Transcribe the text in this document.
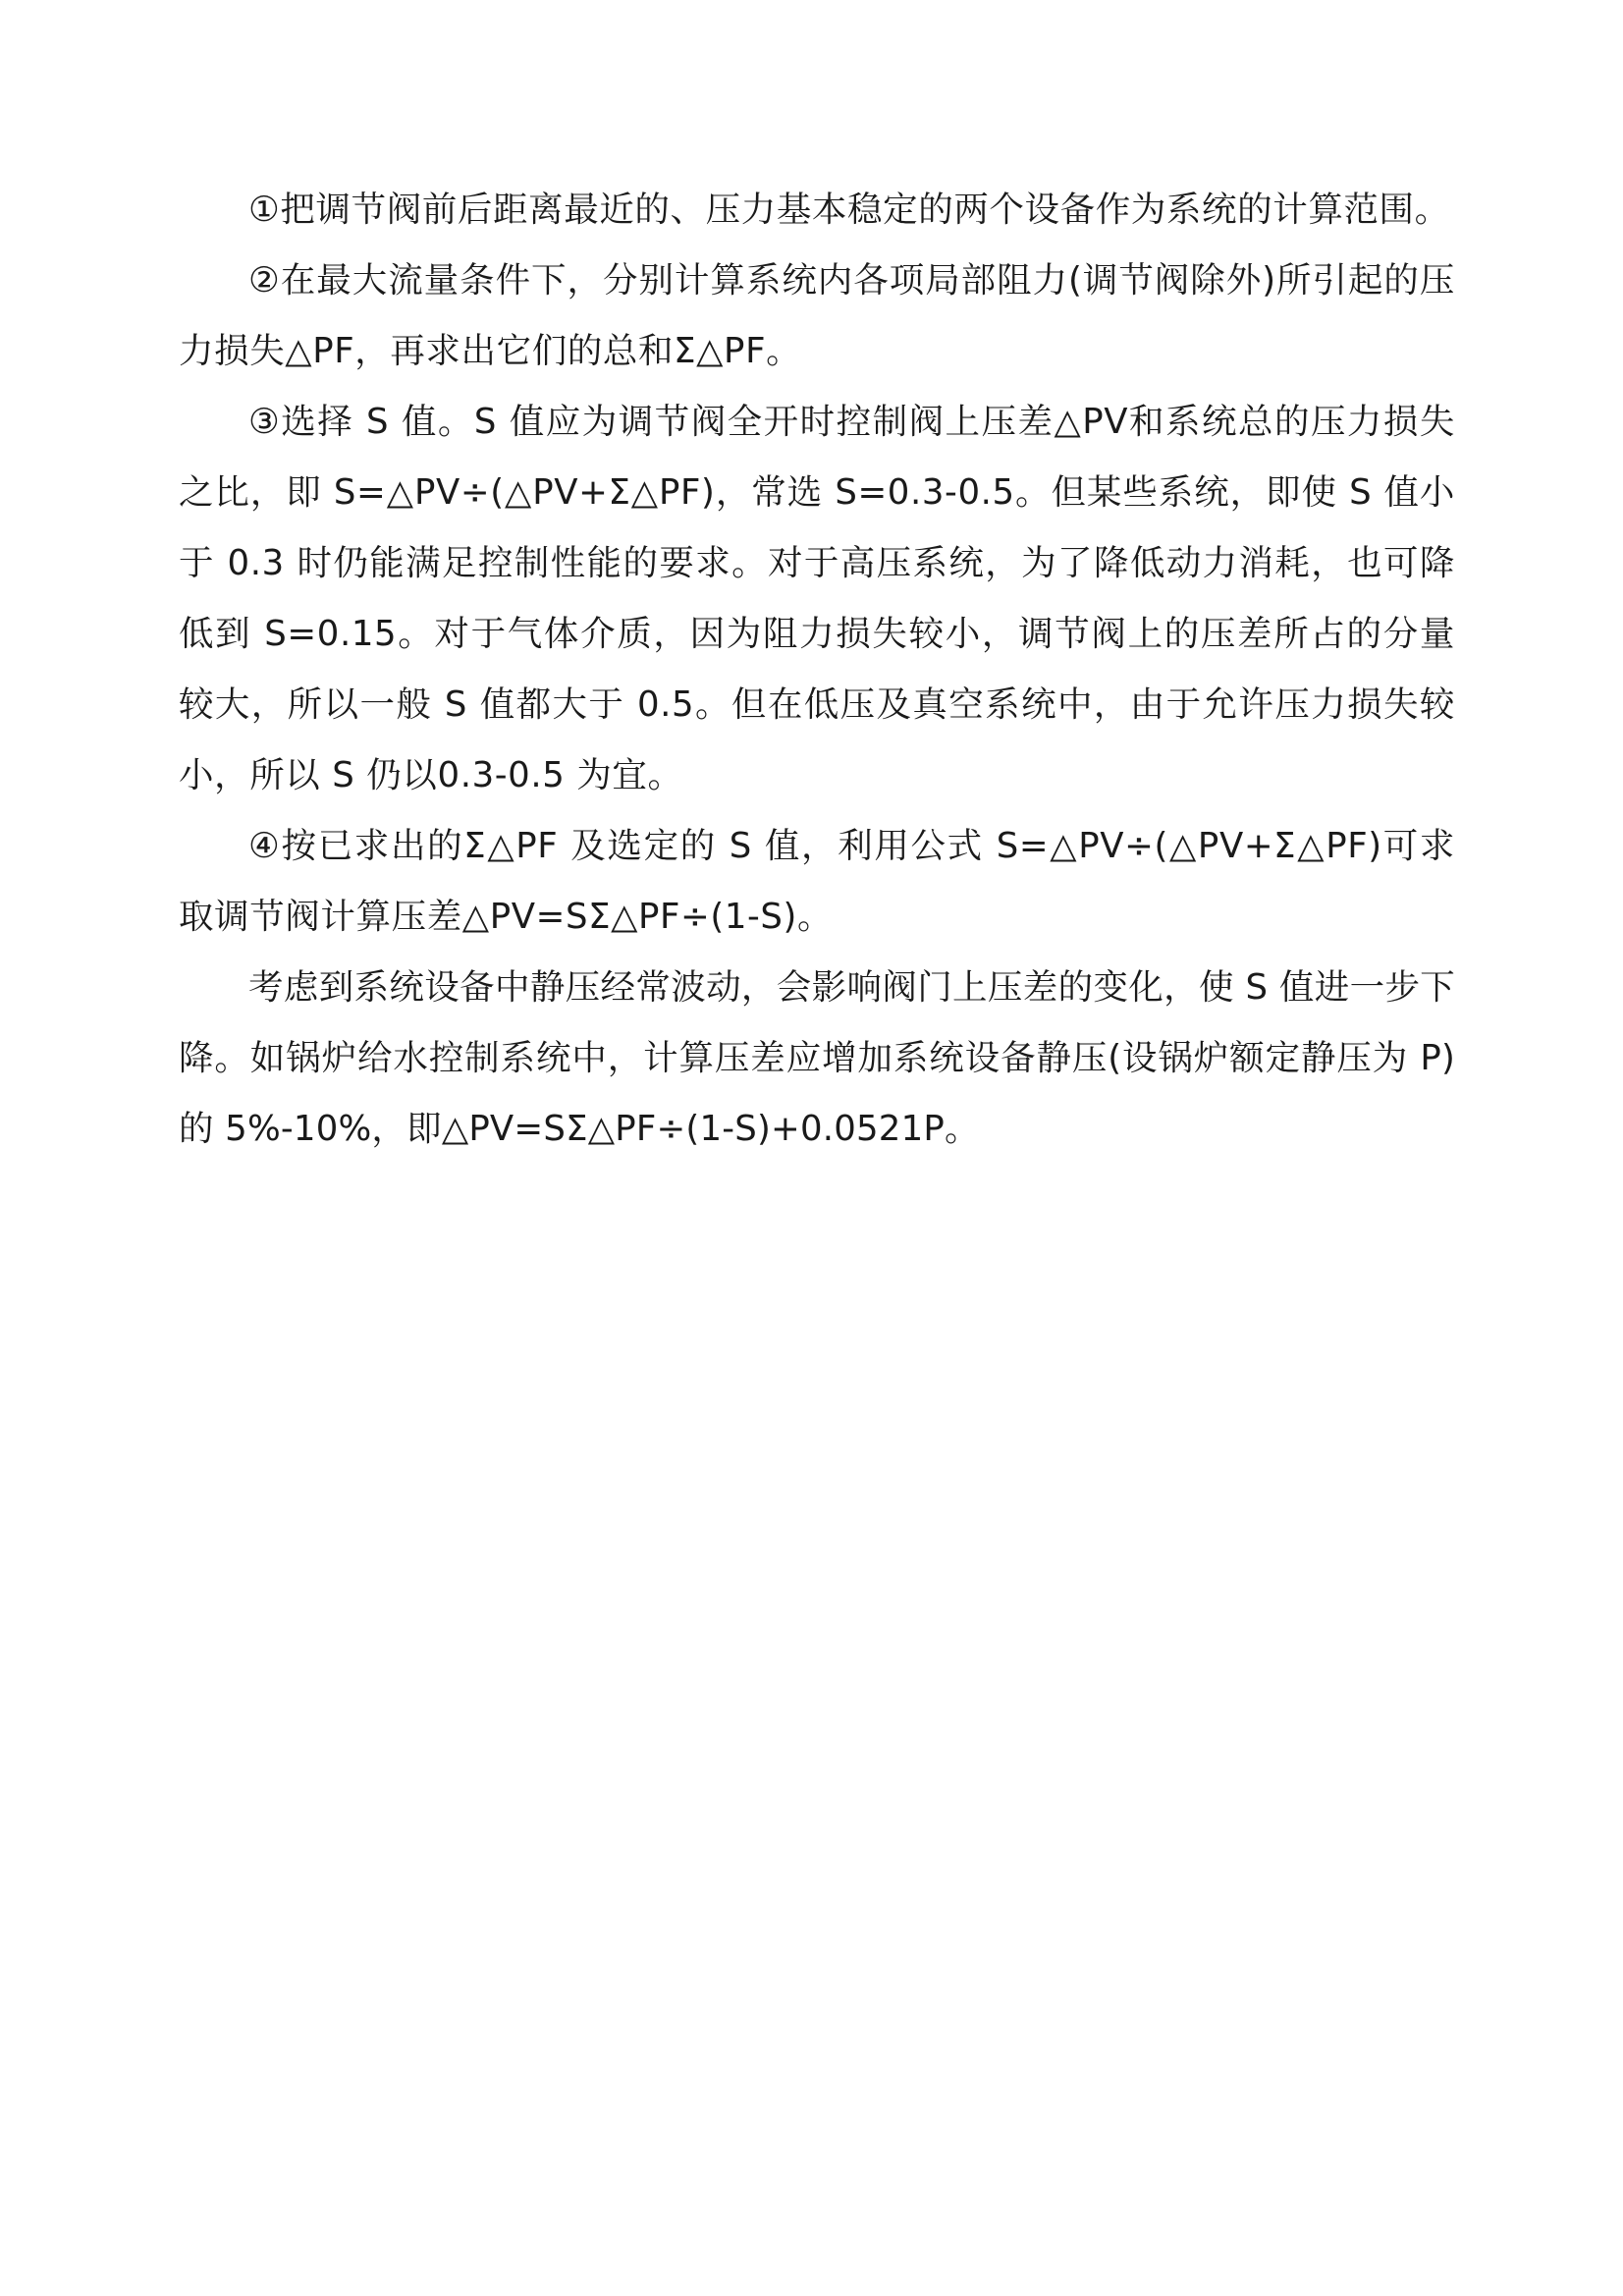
①把调节阀前后距离最近的、压力基本稳定的两个设备作为系统的计算范围。

②在最大流量条件下，分别计算系统内各项局部阻力(调节阀除外)所引起的压力损失△PF，再求出它们的总和Σ△PF。

③选择 S 值。S 值应为调节阀全开时控制阀上压差△PV和系统总的压力损失之比，即 S=△PV÷(△PV+Σ△PF)，常选 S=0.3-0.5。但某些系统，即使 S 值小于 0.3 时仍能满足控制性能的要求。对于高压系统，为了降低动力消耗，也可降低到 S=0.15。对于气体介质，因为阻力损失较小，调节阀上的压差所占的分量较大，所以一般 S 值都大于 0.5。但在低压及真空系统中，由于允许压力损失较小，所以 S 仍以0.3-0.5 为宜。

④按已求出的Σ△PF 及选定的 S 值，利用公式 S=△PV÷(△PV+Σ△PF)可求取调节阀计算压差△PV=SΣ△PF÷(1-S)。

考虑到系统设备中静压经常波动，会影响阀门上压差的变化，使 S 值进一步下降。如锅炉给水控制系统中，计算压差应增加系统设备静压(设锅炉额定静压为 P)的 5%-10%，即△PV=SΣ△PF÷(1-S)+0.0521P。
